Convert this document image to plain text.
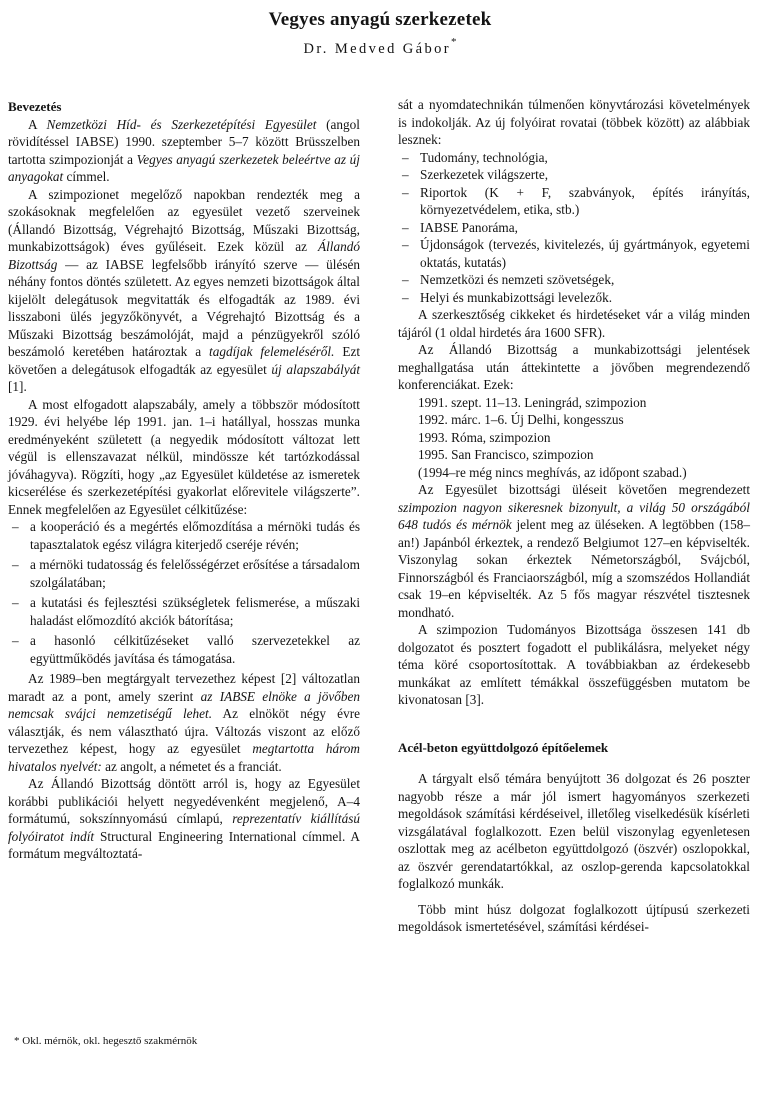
Vegyes anyagú szerkezetek
Dr. Medved Gábor*

Bevezetés

A Nemzetközi Híd- és Szerkezetépítési Egyesület (angol rövidítéssel IABSE) 1990. szeptember 5–7 között Brüsszelben tartotta szimpozionját a Vegyes anyagú szerkezetek beleértve az új anyagokat címmel.

A szimpozionet megelőző napokban rendezték meg a szokásoknak megfelelően az egyesület vezető szerveinek (Állandó Bizottság, Végrehajtó Bizottság, Műszaki Bizottság, munkabizottságok) éves gyűléseit. Ezek közül az Állandó Bizottság — az IABSE legfelsőbb irányító szerve — ülésén néhány fontos döntés született. Az egyes nemzeti bizottságok által kijelölt delegátusok megvitatták és elfogadták az 1989. évi lisszaboni ülés jegyzőkönyvét, a Végrehajtó Bizottság és a Műszaki Bizottság beszámolóját, majd a pénzügyekről szóló beszámoló keretében határoztak a tagdíjak felemeléséről. Ezt követően a delegátusok elfogadták az egyesület új alapszabályát [1].

A most elfogadott alapszabály, amely a többször módosított 1929. évi helyébe lép 1991. jan. 1–i hatállyal, hosszas munka eredményeként született (a negyedik módosított változat lett végül is ellenszavazat nélkül, mindössze két tartózkodással jóváhagyva). Rögzíti, hogy „az Egyesület küldetése az ismeretek kicserélése és szerkezetépítési gyakorlat előrevitele világszerte”. Ennek megfelelően az Egyesület célkitűzése:

– a kooperáció és a megértés előmozdítása a mérnöki tudás és tapasztalatok egész világra kiterjedő cseréje révén;
– a mérnöki tudatosság és felelősségérzet erősítése a társadalom szolgálatában;
– a kutatási és fejlesztési szükségletek felismerése, a műszaki haladást előmozdító akciók bátorítása;
– a hasonló célkitűzéseket valló szervezetekkel az együttműködés javítása és támogatása.

Az 1989–ben megtárgyalt tervezethez képest [2] változatlan maradt az a pont, amely szerint az IABSE elnöke a jövőben nemcsak svájci nemzetiségű lehet. Az elnököt négy évre választják, és nem választható újra. Változás viszont az előző tervezethez képest, hogy az egyesület megtartotta három hivatalos nyelvét: az angolt, a németet és a franciát.

Az Állandó Bizottság döntött arról is, hogy az Egyesület korábbi publikációi helyett negyedévenként megjelenő, A–4 formátumú, sokszínnyomású címlapú, reprezentatív kiállítású folyóiratot indít Structural Engineering International címmel. A formátum megváltoztatá-

sát a nyomdatechnikán túlmenően könyvtározási követelmények is indokolják. Az új folyóirat rovatai (többek között) az alábbiak lesznek:

– Tudomány, technológia,
– Szerkezetek világszerte,
– Riportok (K + F, szabványok, építés irányítás, környezetvédelem, etika, stb.)
– IABSE Panoráma,
– Újdonságok (tervezés, kivitelezés, új gyártmányok, egyetemi oktatás, kutatás)
– Nemzetközi és nemzeti szövetségek,
– Helyi és munkabizottsági levelezők.

A szerkesztőség cikkeket és hirdetéseket vár a világ minden tájáról (1 oldal hirdetés ára 1600 SFR).

Az Állandó Bizottság a munkabizottsági jelentések meghallgatása után áttekintette a jövőben megrendezendő konferenciákat. Ezek:

1991. szept. 11–13. Leningrád, szimpozion
1992. márc. 1–6. Új Delhi, kongesszus
1993. Róma, szimpozion
1995. San Francisco, szimpozion
(1994–re még nincs meghívás, az időpont szabad.)

Az Egyesület bizottsági üléseit követően megrendezett szimpozion nagyon sikeresnek bizonyult, a világ 50 országából 648 tudós és mérnök jelent meg az üléseken. A legtöbben (158–an!) Japánból érkeztek, a rendező Belgiumot 127–en képviselték. Viszonylag sokan érkeztek Németországból, Svájcból, Finnországból és Franciaországból, míg a szomszédos Hollandiát csak 19–en képviselték. Az 5 fős magyar részvétel tisztesnek mondható.

A szimpozion Tudományos Bizottsága összesen 141 db dolgozatot és posztert fogadott el publikálásra, melyeket négy téma köré csoportosítottak. A továbbiakban az érdekesebb munkákat az említett témákkal összefüggésben mutatom be kivonatosan [3].

Acél-beton együttdolgozó építőelemek

A tárgyalt első témára benyújtott 36 dolgozat és 26 poszter nagyobb része a már jól ismert hagyományos szerkezeti megoldások számítási kérdéseivel, illetőleg viselkedésük kísérleti vizsgálatával foglalkozott. Ezen belül viszonylag egyenletesen oszlottak meg az acélbeton együttdolgozó (öszvér) oszlopokkal, az öszvér gerendatartókkal, az oszlop-gerenda kapcsolatokkal foglalkozó munkák.

Több mint húsz dolgozat foglalkozott újtípusú szerkezeti megoldások ismertetésével, számítási kérdései-

* Okl. mérnök, okl. hegesztő szakmérnök
